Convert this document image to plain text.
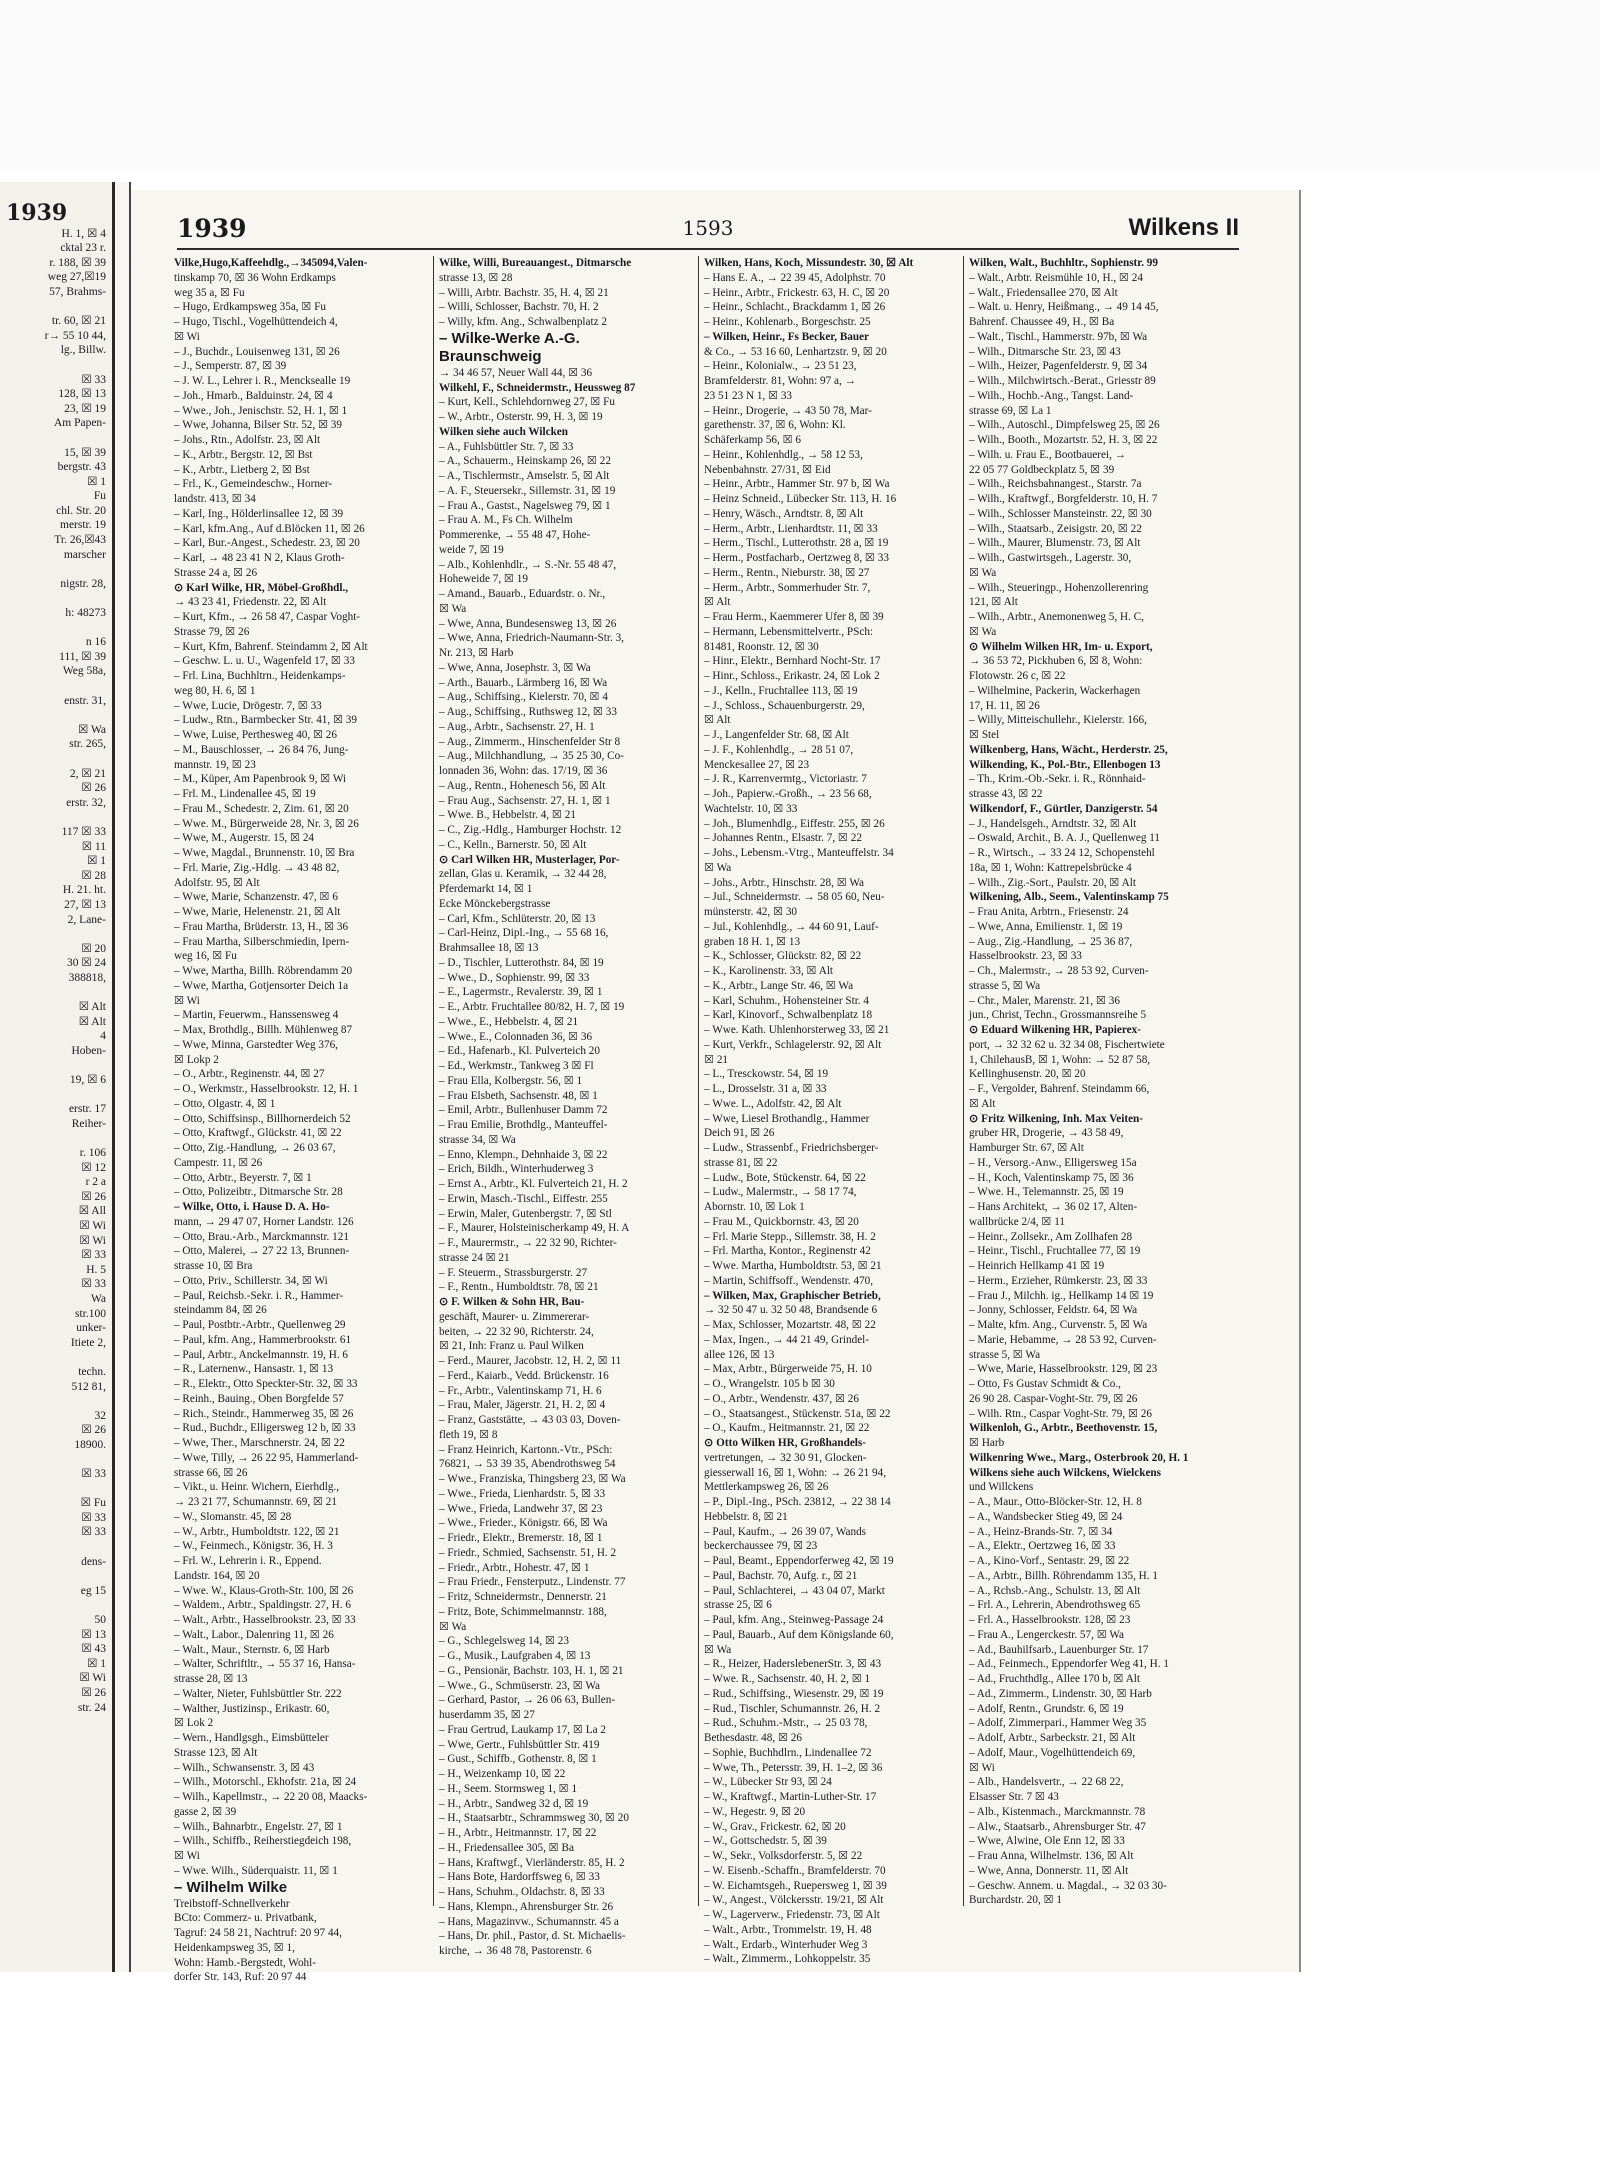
1939
H. 1, ☒ 4
cktal 23 r.
r. 188, ☒ 39
weg 27,☒19
57, Brahms-

tr. 60, ☒ 21
r→ 55 10 44,
lg., Billw.

☒ 33
128, ☒ 13
23, ☒ 19
Am Papen-

15, ☒ 39
bergstr. 43
☒ 1
Fu
chl. Str. 20
merstr. 19
Tr. 26,☒43
marscher

nigstr. 28,

h: 48273

n 16
111, ☒ 39
Weg 58a,

enstr. 31,

☒ Wa
str. 265,

2, ☒ 21
☒ 26
erstr. 32,

117 ☒ 33
☒ 11
☒ 1
☒ 28
H. 21. ht.
27, ☒ 13
2, Lane-

☒ 20
30 ☒ 24
388818,

☒ Alt
☒ Alt
4
Hoben-

19, ☒ 6

erstr. 17
Reiher-

r. 106
☒ 12
r 2 a
☒ 26
☒ All
☒ Wi
☒ Wi
☒ 33
H. 5
☒ 33
Wa
str.100
unker-
Itiete 2,

techn.
512 81,

32
☒ 26
18900.

☒ 33

☒ Fu
☒ 33
☒ 33

dens-

eg 15

50
☒ 13
☒ 43
☒ 1
☒ Wi
☒ 26
str. 24
1939	1593	Wilkens II
Vilke,Hugo,Kaffeehdlg.,→345094,Valen-
tinskamp 70, ☒ 36 Wohn Erdkamps
weg 35 a, ☒ Fu
– Hugo, Erdkampsweg 35a, ☒ Fu
– Hugo, Tischl., Vogelhüttendeich 4,
☒ Wi
– J., Buchdr., Louisenweg 131, ☒ 26
– J., Semperstr. 87, ☒ 39
– J. W. L., Lehrer i. R., Mencksealle 19
– Joh., Hmarb., Balduinstr. 24, ☒ 4
– Wwe., Joh., Jenischstr. 52, H. 1, ☒ 1
– Wwe, Johanna, Bilser Str. 52, ☒ 39
– Johs., Rtn., Adolfstr. 23, ☒ Alt
– K., Arbtr., Bergstr. 12, ☒ Bst
– K., Arbtr., Lietberg 2, ☒ Bst
– Frl., K., Gemeindeschw., Horner-
landstr. 413, ☒ 34
– Karl, Ing., Hölderlinsallee 12, ☒ 39
– Karl, kfm.Ang., Auf d.Blöcken 11, ☒ 26
– Karl, Bur.-Angest., Schedestr. 23, ☒ 20
– Karl, → 48 23 41 N 2, Klaus Groth-
Strasse 24 a, ☒ 26
⊙ Karl Wilke, HR, Möbel-Großhdl.,
→ 43 23 41, Friedenstr. 22, ☒ Alt
– Kurt, Kfm., → 26 58 47, Caspar Voght-
Strasse 79, ☒ 26
– Kurt, Kfm, Bahrenf. Steindamm 2, ☒ Alt
– Geschw. L. u. U., Wagenfeld 17, ☒ 33
– Frl. Lina, Buchhltrn., Heidenkamps-
weg 80, H. 6, ☒ 1
– Wwe, Lucie, Drögestr. 7, ☒ 33
– Ludw., Rtn., Barmbecker Str. 41, ☒ 39
– Wwe, Luise, Perthesweg 40, ☒ 26
– M., Bauschlosser, → 26 84 76, Jung-
mannstr. 19, ☒ 23
– M., Küper, Am Papenbrook 9, ☒ Wi
– Frl. M., Lindenallee 45, ☒ 19
– Frau M., Schedestr. 2, Zim. 61, ☒ 20
– Wwe. M., Bürgerweide 28, Nr. 3, ☒ 26
– Wwe, M., Augerstr. 15, ☒ 24
– Wwe, Magdal., Brunnenstr. 10, ☒ Bra
– Frl. Marie, Zig.-Hdlg. → 43 48 82,
Adolfstr. 95, ☒ Alt
– Wwe, Marie, Schanzenstr. 47, ☒ 6
– Wwe, Marie, Helenenstr. 21, ☒ Alt
– Frau Martha, Brüderstr. 13, H., ☒ 36
– Frau Martha, Silberschmiedin, Ipern-
weg 16, ☒ Fu
– Wwe, Martha, Billh. Röbrendamm 20
– Wwe, Martha, Gotjensorter Deich 1a
☒ Wi
– Martin, Feuerwm., Hanssensweg 4
– Max, Brothdlg., Billh. Mühlenweg 87
– Wwe, Minna, Garstedter Weg 376,
☒ Lokp 2
– O., Arbtr., Reginenstr. 44, ☒ 27
– O., Werkmstr., Hasselbrookstr. 12, H. 1
– Otto, Olgastr. 4, ☒ 1
– Otto, Schiffsinsp., Billhornerdeich 52
– Otto, Kraftwgf., Glückstr. 41, ☒ 22
– Otto, Zig.-Handlung, → 26 03 67,
Campestr. 11, ☒ 26
– Otto, Arbtr., Beyerstr. 7, ☒ 1
– Otto, Polizeibtr., Ditmarsche Str. 28
– Wilke, Otto, i. Hause D. A. Ho-
mann, → 29 47 07, Horner Landstr. 126
– Otto, Brau.-Arb., Marckmannstr. 121
– Otto, Malerei, → 27 22 13, Brunnen-
strasse 10, ☒ Bra
– Otto, Priv., Schillerstr. 34, ☒ Wi
– Paul, Reichsb.-Sekr. i. R., Hammer-
steindamm 84, ☒ 26
– Paul, Postbtr.-Arbtr., Quellenweg 29
– Paul, kfm. Ang., Hammerbrookstr. 61
– Paul, Arbtr., Anckelmannstr. 19, H. 6
– R., Laternenw., Hansastr. 1, ☒ 13
– R., Elektr., Otto Speckter-Str. 32, ☒ 33
– Reinh., Bauing., Oben Borgfelde 57
– Rich., Steindr., Hammerweg 35, ☒ 26
– Rud., Buchdr., Elligersweg 12 b, ☒ 33
– Wwe, Ther., Marschnerstr. 24, ☒ 22
– Wwe, Tilly, → 26 22 95, Hammerland-
strasse 66, ☒ 26
– Vikt., u. Heinr. Wichern, Eierhdlg.,
→ 23 21 77, Schumannstr. 69, ☒ 21
– W., Slomanstr. 45, ☒ 28
– W., Arbtr., Humboldtstr. 122, ☒ 21
– W., Feinmech., Königstr. 36, H. 3
– Frl. W., Lehrerin i. R., Eppend.
Landstr. 164, ☒ 20
– Wwe. W., Klaus-Groth-Str. 100, ☒ 26
– Waldem., Arbtr., Spaldingstr. 27, H. 6
– Walt., Arbtr., Hasselbrookstr. 23, ☒ 33
– Walt., Labor., Dalenring 11, ☒ 26
– Walt., Maur., Sternstr. 6, ☒ Harb
– Walter, Schriftltr., → 55 37 16, Hansa-
strasse 28, ☒ 13
– Walter, Nieter, Fuhlsbüttler Str. 222
– Walther, Justizinsp., Erikastr. 60,
☒ Lok 2
– Wern., Handlgsgh., Eimsbütteler
Strasse 123, ☒ Alt
– Wilh., Schwansenstr. 3, ☒ 43
– Wilh., Motorschl., Ekhofstr. 21a, ☒ 24
– Wilh., Kapellmstr., → 22 20 08, Maacks-
gasse 2, ☒ 39
– Wilh., Bahnarbtr., Engelstr. 27, ☒ 1
– Wilh., Schiffb., Reiherstiegdeich 198,
☒ Wi
– Wwe. Wilh., Süderquaistr. 11, ☒ 1
– Wilhelm Wilke
Treibstoff-Schnellverkehr
BCto: Commerz- u. Privatbank,
Tagruf: 24 58 21, Nachtruf: 20 97 44,
Heidenkampsweg 35, ☒ 1,
Wohn: Hamb.-Bergstedt, Wohl-
dorfer Str. 143, Ruf: 20 97 44
Wilke, Willi, Bureauangest., Ditmarsche
strasse 13, ☒ 28
– Willi, Arbtr. Bachstr. 35, H. 4, ☒ 21
– Willi, Schlosser, Bachstr. 70, H. 2
– Willy, kfm. Ang., Schwalbenplatz 2
– Wilke-Werke A.-G.
Braunschweig
→ 34 46 57, Neuer Wall 44, ☒ 36
Wilkehl, F., Schneidermstr., Heussweg 87
– Kurt, Kell., Schlehdornweg 27, ☒ Fu
– W., Arbtr., Osterstr. 99, H. 3, ☒ 19
Wilken siehe auch Wilcken
– A., Fuhlsbüttler Str. 7, ☒ 33
– A., Schauerm., Heinskamp 26, ☒ 22
– A., Tischlermstr., Amselstr. 5, ☒ Alt
– A. F., Steuersekr., Sillemstr. 31, ☒ 19
– Frau A., Gastst., Nagelsweg 79, ☒ 1
– Frau A. M., Fs Ch. Wilhelm
Pommerenke, → 55 48 47, Hohe-
weide 7, ☒ 19
– Alb., Kohlenhdlr., → S.-Nr. 55 48 47,
Hoheweide 7, ☒ 19
– Amand., Bauarb., Eduardstr. o. Nr.,
☒ Wa
– Wwe, Anna, Bundesensweg 13, ☒ 26
– Wwe, Anna, Friedrich-Naumann-Str. 3,
Nr. 213, ☒ Harb
– Wwe, Anna, Josephstr. 3, ☒ Wa
– Arth., Bauarb., Lärmberg 16, ☒ Wa
– Aug., Schiffsing., Kielerstr. 70, ☒ 4
– Aug., Schiffsing., Ruthsweg 12, ☒ 33
– Aug., Arbtr., Sachsenstr. 27, H. 1
– Aug., Zimmerm., Hinschenfelder Str 8
– Aug., Milchhandlung, → 35 25 30, Co-
lonnaden 36, Wohn: das. 17/19, ☒ 36
– Aug., Rentn., Hohenesch 56, ☒ Alt
– Frau Aug., Sachsenstr. 27, H. 1, ☒ 1
– Wwe. B., Hebbelstr. 4, ☒ 21
– C., Zig.-Hdlg., Hamburger Hochstr. 12
– C., Kelln., Barnerstr. 50, ☒ Alt
⊙ Carl Wilken HR, Musterlager, Por-
zellan, Glas u. Keramik, → 32 44 28,
Pferdemarkt 14, ☒ 1
Ecke Mönckebergstrasse
– Carl, Kfm., Schlüterstr. 20, ☒ 13
– Carl-Heinz, Dipl.-Ing., → 55 68 16,
Brahmsallee 18, ☒ 13
– D., Tischler, Lutterothstr. 84, ☒ 19
– Wwe., D., Sophienstr. 99, ☒ 33
– E., Lagermstr., Revalerstr. 39, ☒ 1
– E., Arbtr. Fruchtallee 80/82, H. 7, ☒ 19
– Wwe., E., Hebbelstr. 4, ☒ 21
– Wwe., E., Colonnaden 36, ☒ 36
– Ed., Hafenarb., Kl. Pulverteich 20
– Ed., Werkmstr., Tankweg 3 ☒ Fl
– Frau Ella, Kolbergstr. 56, ☒ 1
– Frau Elsbeth, Sachsenstr. 48, ☒ 1
– Emil, Arbtr., Bullenhuser Damm 72
– Frau Emilie, Brothdlg., Manteuffel-
strasse 34, ☒ Wa
– Enno, Klempn., Dehnhaide 3, ☒ 22
– Erich, Bildh., Winterhuderweg 3
– Ernst A., Arbtr., Kl. Fulverteich 21, H. 2
– Erwin, Masch.-Tischl., Eiffestr. 255
– Erwin, Maler, Gutenbergstr. 7, ☒ Stl
– F., Maurer, Holsteinischerkamp 49, H. A
– F., Maurermstr., → 22 32 90, Richter-
strasse 24 ☒ 21
– F. Steuerm., Strassburgerstr. 27
– F., Rentn., Humboldtstr. 78, ☒ 21
⊙ F. Wilken & Sohn HR, Bau-
geschäft, Maurer- u. Zimmererar-
beiten, → 22 32 90, Richterstr. 24,
☒ 21, Inh: Franz u. Paul Wilken
– Ferd., Maurer, Jacobstr. 12, H. 2, ☒ 11
– Ferd., Kaiarb., Vedd. Brückenstr. 16
– Fr., Arbtr., Valentinskamp 71, H. 6
– Frau, Maler, Jägerstr. 21, H. 2, ☒ 4
– Franz, Gaststätte, → 43 03 03, Doven-
fleth 19, ☒ 8
– Franz Heinrich, Kartonn.-Vtr., PSch:
76821, → 53 39 35, Abendrothsweg 54
– Wwe., Franziska, Thingsberg 23, ☒ Wa
– Wwe., Frieda, Lienhardstr. 5, ☒ 33
– Wwe., Frieda, Landwehr 37, ☒ 23
– Wwe., Frieder., Königstr. 66, ☒ Wa
– Friedr., Elektr., Bremerstr. 18, ☒ 1
– Friedr., Schmied, Sachsenstr. 51, H. 2
– Friedr., Arbtr., Hohestr. 47, ☒ 1
– Frau Friedr., Fensterputz., Lindenstr. 77
– Fritz, Schneidermstr., Dennerstr. 21
– Fritz, Bote, Schimmelmannstr. 188,
☒ Wa
– G., Schlegelsweg 14, ☒ 23
– G., Musik., Laufgraben 4, ☒ 13
– G., Pensionär, Bachstr. 103, H. 1, ☒ 21
– Wwe., G., Schmüserstr. 23, ☒ Wa
– Gerhard, Pastor, → 26 06 63, Bullen-
huserdamm 35, ☒ 27
– Frau Gertrud, Laukamp 17, ☒ La 2
– Wwe, Gertr., Fuhlsbüttler Str. 419
– Gust., Schiffb., Gothenstr. 8, ☒ 1
– H., Weizenkamp 10, ☒ 22
– H., Seem. Stormsweg 1, ☒ 1
– H., Arbtr., Sandweg 32 d, ☒ 19
– H., Staatsarbtr., Schrammsweg 30, ☒ 20
– H., Arbtr., Heitmannstr. 17, ☒ 22
– H., Friedensallee 305, ☒ Ba
– Hans, Kraftwgf., Vierländerstr. 85, H. 2
– Hans Bote, Hardorffsweg 6, ☒ 33
– Hans, Schuhm., Oldachstr. 8, ☒ 33
– Hans, Klempn., Ahrensburger Str. 26
– Hans, Magazinvw., Schumannstr. 45 a
– Hans, Dr. phil., Pastor, d. St. Michaelis-
kirche, → 36 48 78, Pastorenstr. 6
Wilken, Hans, Koch, Missundestr. 30, ☒ Alt
– Hans E. A., → 22 39 45, Adolphstr. 70
– Heinr., Arbtr., Frickestr. 63, H. C, ☒ 20
– Heinr., Schlacht., Brackdamm 1, ☒ 26
– Heinr., Kohlenarb., Borgeschstr. 25
– Wilken, Heinr., Fs Becker, Bauer
& Co., → 53 16 60, Lenhartzstr. 9, ☒ 20
– Heinr., Kolonialw., → 23 51 23,
Bramfelderstr. 81, Wohn: 97 a, →
23 51 23 N 1, ☒ 33
– Heinr., Drogerie, → 43 50 78, Mar-
garethenstr. 37, ☒ 6, Wohn: Kl.
Schäferkamp 56, ☒ 6
– Heinr., Kohlenhdlg., → 58 12 53,
Nebenbahnstr. 27/31, ☒ Eid
– Heinr., Arbtr., Hammer Str. 97 b, ☒ Wa
– Heinz Schneid., Lübecker Str. 113, H. 16
– Henry, Wäsch., Arndtstr. 8, ☒ Alt
– Herm., Arbtr., Lienhardtstr. 11, ☒ 33
– Herm., Tischl., Lutterothstr. 28 a, ☒ 19
– Herm., Postfacharb., Oertzweg 8, ☒ 33
– Herm., Rentn., Nieburstr. 38, ☒ 27
– Herm., Arbtr., Sommerhuder Str. 7,
☒ Alt
– Frau Herm., Kaemmerer Ufer 8, ☒ 39
– Hermann, Lebensmittelvertr., PSch:
81481, Roonstr. 12, ☒ 30
– Hinr., Elektr., Bernhard Nocht-Str. 17
– Hinr., Schloss., Erikastr. 24, ☒ Lok 2
– J., Kelln., Fruchtallee 113, ☒ 19
– J., Schloss., Schauenburgerstr. 29,
☒ Alt
– J., Langenfelder Str. 68, ☒ Alt
– J. F., Kohlenhdlg., → 28 51 07,
Menckesallee 27, ☒ 23
– J. R., Karrenvermtg., Victoriastr. 7
– Joh., Papierw.-Großh., → 23 56 68,
Wachtelstr. 10, ☒ 33
– Joh., Blumenhdlg., Eiffestr. 255, ☒ 26
– Johannes Rentn., Elsastr. 7, ☒ 22
– Johs., Lebensm.-Vtrg., Manteuffelstr. 34
☒ Wa
– Johs., Arbtr., Hinschstr. 28, ☒ Wa
– Jul., Schneidermstr. → 58 05 60, Neu-
münsterstr. 42, ☒ 30
– Jul., Kohlenhdlg., → 44 60 91, Lauf-
graben 18 H. 1, ☒ 13
– K., Schlosser, Glückstr. 82, ☒ 22
– K., Karolinenstr. 33, ☒ Alt
– K., Arbtr., Lange Str. 46, ☒ Wa
– Karl, Schuhm., Hohensteiner Str. 4
– Karl, Kinovorf., Schwalbenplatz 18
– Wwe. Kath. Uhlenhorsterweg 33, ☒ 21
– Kurt, Verkfr., Schlagelerstr. 92, ☒ Alt
☒ 21
– L., Tresckowstr. 54, ☒ 19
– L., Drosselstr. 31 a, ☒ 33
– Wwe. L., Adolfstr. 42, ☒ Alt
– Wwe, Liesel Brothandlg., Hammer
Deich 91, ☒ 26
– Ludw., Strassenbf., Friedrichsberger-
strasse 81, ☒ 22
– Ludw., Bote, Stückenstr. 64, ☒ 22
– Ludw., Malermstr., → 58 17 74,
Abornstr. 10, ☒ Lok 1
– Frau M., Quickbornstr. 43, ☒ 20
– Frl. Marie Stepp., Sillemstr. 38, H. 2
– Frl. Martha, Kontor., Reginenstr 42
– Wwe. Martha, Humboldtstr. 53, ☒ 21
– Martin, Schiffsoff., Wendenstr. 470,
– Wilken, Max, Graphischer Betrieb,
→ 32 50 47 u. 32 50 48, Brandsende 6
– Max, Schlosser, Mozartstr. 48, ☒ 22
– Max, Ingen., → 44 21 49, Grindel-
allee 126, ☒ 13
– Max, Arbtr., Bürgerweide 75, H. 10
– O., Wrangelstr. 105 b ☒ 30
– O., Arbtr., Wendenstr. 437, ☒ 26
– O., Staatsangest., Stückenstr. 51a, ☒ 22
– O., Kaufm., Heitmannstr. 21, ☒ 22
⊙ Otto Wilken HR, Großhandels-
vertretungen, → 32 30 91, Glocken-
giesserwall 16, ☒ 1, Wohn: → 26 21 94,
Mettlerkampsweg 26, ☒ 26
– P., Dipl.-Ing., PSch. 23812, → 22 38 14
Hebbelstr. 8, ☒ 21
– Paul, Kaufm., → 26 39 07, Wands
beckerchaussee 79, ☒ 23
– Paul, Beamt., Eppendorferweg 42, ☒ 19
– Paul, Bachstr. 70, Aufg. r., ☒ 21
– Paul, Schlachterei, → 43 04 07, Markt
strasse 25, ☒ 6
– Paul, kfm. Ang., Steinweg-Passage 24
– Paul, Bauarb., Auf dem Königslande 60,
☒ Wa
– R., Heizer, HaderslebenerStr. 3, ☒ 43
– Wwe. R., Sachsenstr. 40, H. 2, ☒ 1
– Rud., Schiffsing., Wiesenstr. 29, ☒ 19
– Rud., Tischler, Schumannstr. 26, H. 2
– Rud., Schuhm.-Mstr., → 25 03 78,
Bethesdastr. 48, ☒ 26
– Sophie, Buchhdlrn., Lindenallee 72
– Wwe, Th., Petersstr. 39, H. 1–2, ☒ 36
– W., Lübecker Str 93, ☒ 24
– W., Kraftwgf., Martin-Luther-Str. 17
– W., Hegestr. 9, ☒ 20
– W., Grav., Frickestr. 62, ☒ 20
– W., Gottschedstr. 5, ☒ 39
– W., Sekr., Volksdorferstr. 5, ☒ 22
– W. Eisenb.-Schaffn., Bramfelderstr. 70
– W. Eichamtsgeh., Ruepersweg 1, ☒ 39
– W., Angest., Völckersstr. 19/21, ☒ Alt
– W., Lagerverw., Friedenstr. 73, ☒ Alt
– Walt., Arbtr., Trommelstr. 19, H. 48
– Walt., Erdarb., Winterhuder Weg 3
– Walt., Zimmerm., Lohkoppelstr. 35
Wilken, Walt., Buchhltr., Sophienstr. 99
– Walt., Arbtr. Reismühle 10, H., ☒ 24
– Walt., Friedensallee 270, ☒ Alt
– Walt. u. Henry, Heißmang., → 49 14 45,
Bahrenf. Chaussee 49, H., ☒ Ba
– Walt., Tischl., Hammerstr. 97b, ☒ Wa
– Wilh., Ditmarsche Str. 23, ☒ 43
– Wilh., Heizer, Pagenfelderstr. 9, ☒ 34
– Wilh., Milchwirtsch.-Berat., Griesstr 89
– Wilh., Hochb.-Ang., Tangst. Land-
strasse 69, ☒ La 1
– Wilh., Autoschl., Dimpfelsweg 25, ☒ 26
– Wilh., Booth., Mozartstr. 52, H. 3, ☒ 22
– Wilh. u. Frau E., Bootbauerei, →
22 05 77 Goldbeckplatz 5, ☒ 39
– Wilh., Reichsbahnangest., Starstr. 7a
– Wilh., Kraftwgf., Borgfelderstr. 10, H. 7
– Wilh., Schlosser Mansteinstr. 22, ☒ 30
– Wilh., Staatsarb., Zeisigstr. 20, ☒ 22
– Wilh., Maurer, Blumenstr. 73, ☒ Alt
– Wilh., Gastwirtsgeh., Lagerstr. 30,
☒ Wa
– Wilh., Steueringp., Hohenzollerenring
121, ☒ Alt
– Wilh., Arbtr., Anemonenweg 5, H. C,
☒ Wa
⊙ Wilhelm Wilken HR, Im- u. Export,
→ 36 53 72, Pickhuben 6, ☒ 8, Wohn:
Flotowstr. 26 c, ☒ 22
– Wilhelmine, Packerin, Wackerhagen
17, H. 11, ☒ 26
– Willy, Mitteischullehr., Kielerstr. 166,
☒ Stel
Wilkenberg, Hans, Wächt., Herderstr. 25,
Wilkending, K., Pol.-Btr., Ellenbogen 13
– Th., Krim.-Ob.-Sekr. i. R., Rönnhaid-
strasse 43, ☒ 22
Wilkendorf, F., Gürtler, Danzigerstr. 54
– J., Handelsgeh., Arndtstr. 32, ☒ Alt
– Oswald, Archit., B. A. J., Quellenweg 11
– R., Wirtsch., → 33 24 12, Schopenstehl
18a, ☒ 1, Wohn: Kattrepelsbrücke 4
– Wilh., Zig.-Sort., Paulstr. 20, ☒ Alt
Wilkening, Alb., Seem., Valentinskamp 75
– Frau Anita, Arbtrn., Friesenstr. 24
– Wwe, Anna, Emilienstr. 1, ☒ 19
– Aug., Zig.-Handlung, → 25 36 87,
Hasselbrookstr. 23, ☒ 33
– Ch., Malermstr., → 28 53 92, Curven-
strasse 5, ☒ Wa
– Chr., Maler, Marenstr. 21, ☒ 36
jun., Christ, Techn., Grossmannsreihe 5
⊙ Eduard Wilkening HR, Papierex-
port, → 32 32 62 u. 32 34 08, Fischertwiete
1, ChilehausB, ☒ 1, Wohn: → 52 87 58,
Kellinghusenstr. 20, ☒ 20
– F., Vergolder, Bahrenf. Steindamm 66,
☒ Alt
⊙ Fritz Wilkening, Inh. Max Veiten-
gruber HR, Drogerie, → 43 58 49,
Hamburger Str. 67, ☒ Alt
– H., Versorg.-Anw., Elligersweg 15a
– H., Koch, Valentinskamp 75, ☒ 36
– Wwe. H., Telemannstr. 25, ☒ 19
– Hans Architekt, → 36 02 17, Alten-
wallbrücke 2/4, ☒ 11
– Heinr., Zollsekr., Am Zollhafen 28
– Heinr., Tischl., Fruchtallee 77, ☒ 19
– Heinrich Hellkamp 41 ☒ 19
– Herm., Erzieher, Rümkerstr. 23, ☒ 33
– Frau J., Milchh. ig., Hellkamp 14 ☒ 19
– Jonny, Schlosser, Feldstr. 64, ☒ Wa
– Malte, kfm. Ang., Curvenstr. 5, ☒ Wa
– Marie, Hebamme, → 28 53 92, Curven-
strasse 5, ☒ Wa
– Wwe, Marie, Hasselbrookstr. 129, ☒ 23
– Otto, Fs Gustav Schmidt & Co.,
26 90 28. Caspar-Voght-Str. 79, ☒ 26
– Wilh. Rtn., Caspar Voght-Str. 79, ☒ 26
Wilkenloh, G., Arbtr., Beethovenstr. 15,
☒ Harb
Wilkenring Wwe., Marg., Osterbrook 20, H. 1
Wilkens siehe auch Wilckens, Wielckens
und Willckens
– A., Maur., Otto-Blöcker-Str. 12, H. 8
– A., Wandsbecker Stieg 49, ☒ 24
– A., Heinz-Brands-Str. 7, ☒ 34
– A., Elektr., Oertzweg 16, ☒ 33
– A., Kino-Vorf., Sentastr. 29, ☒ 22
– A., Arbtr., Billh. Röhrendamm 135, H. 1
– A., Rchsb.-Ang., Schulstr. 13, ☒ Alt
– Frl. A., Lehrerin, Abendrothsweg 65
– Frl. A., Hasselbrookstr. 128, ☒ 23
– Frau A., Lengerckestr. 57, ☒ Wa
– Ad., Bauhilfsarb., Lauenburger Str. 17
– Ad., Feinmech., Eppendorfer Weg 41, H. 1
– Ad., Fruchthdlg., Allee 170 b, ☒ Alt
– Ad., Zimmerm., Lindenstr. 30, ☒ Harb
– Adolf, Rentn., Grundstr. 6, ☒ 19
– Adolf, Zimmerpari., Hammer Weg 35
– Adolf, Arbtr., Sarbeckstr. 21, ☒ Alt
– Adolf, Maur., Vogelhüttendeich 69,
☒ Wi
– Alb., Handelsvertr., → 22 68 22,
Elsasser Str. 7 ☒ 43
– Alb., Kistenmach., Marckmannstr. 78
– Alw., Staatsarb., Ahrensburger Str. 47
– Wwe, Alwine, Ole Enn 12, ☒ 33
– Frau Anna, Wilhelmstr. 136, ☒ Alt
– Wwe, Anna, Donnerstr. 11, ☒ Alt
– Geschw. Annem. u. Magdal., → 32 03 30-
Burchardstr. 20, ☒ 1
